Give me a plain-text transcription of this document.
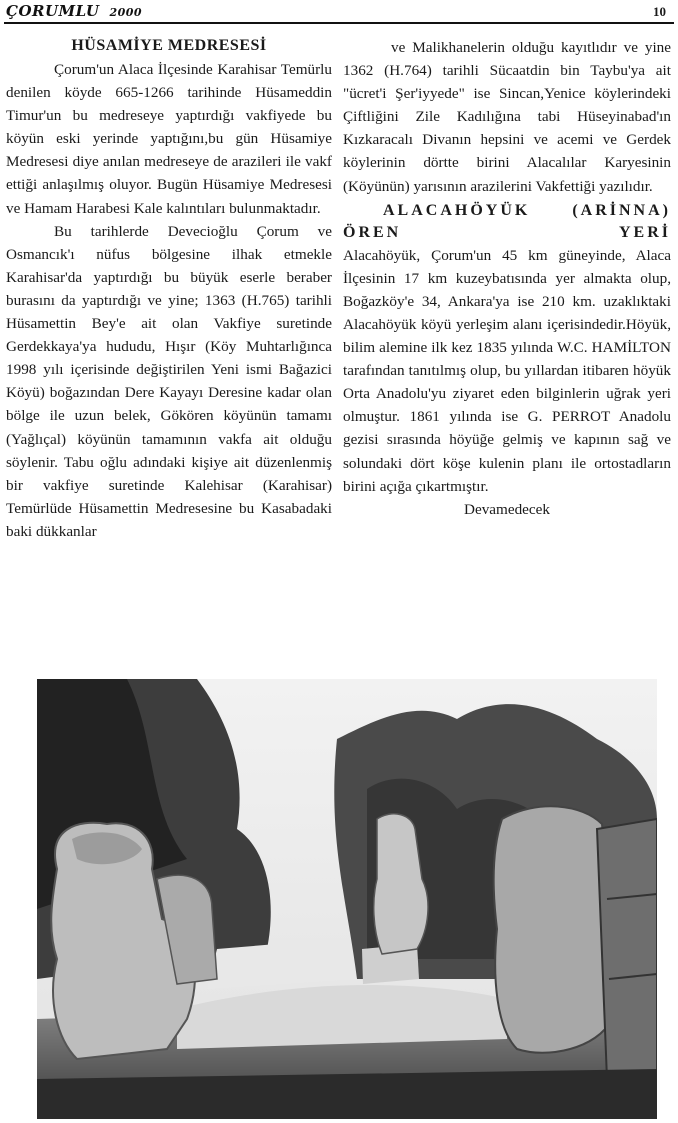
ÇORUMLU 2000	10
HÜSAMİYE MEDRESESİ

Çorum'un Alaca İlçesinde Karahisar Temürlu denilen köyde 665-1266 tarihinde Hüsameddin Timur'un bu medreseye yaptırdığı vakfiyede bu köyün eski yerinde yaptığını,bu gün Hüsamiye Medresesi diye anılan medreseye de arazileri ile vakf ettiği anlaşılmış oluyor. Bugün Hüsamiye Medresesi ve Hamam Harabesi Kale kalıntıları bulunmaktadır.

Bu tarihlerde Devecioğlu Çorum ve Osmancık'ı nüfus bölgesine ilhak etmekle Karahisar'da yaptırdığı bu büyük eserle beraber burasını da yaptırdığı ve yine; 1363 (H.765) tarihli Hüsamettin Bey'e ait olan Vakfiye suretinde Gerdekkaya'ya hududu, Hışır (Köy Muhtarlığınca 1998 yılı içerisinde değiştirilen Yeni ismi Bağazici Köyü) boğazından Dere Kayayı Deresine kadar olan bölge ile uzun belek, Gökören köyünün tamamı (Yağlıçal) köyünün tamamının vakfa ait olduğu söylenir. Tabu oğlu adındaki kişiye ait düzenlenmiş bir vakfiye suretinde Kalehisar (Karahisar) Temürlüde Hüsamettin Medresesine bu Kasabadaki baki dükkanlar

ve Malikhanelerin olduğu kayıtlıdır ve yine 1362 (H.764) tarihli Sücaatdin bin Taybu'ya ait "ücret'i Şer'iyyede" ise Sincan,Yenice köylerindeki Çiftliğini Zile Kadılığına tabi Hüseyinabad'ın Kızkaracalı Divanın hepsini ve acemi ve Gerdek köylerinin dörtte birini Alacalılar Karyesinin (Köyünün) yarısının arazilerini Vakfettiği yazılıdır.

ALACAHÖYÜK (ARİNNA)
ÖREN YERİ

Alacahöyük, Çorum'un 45 km güneyinde, Alaca İlçesinin 17 km kuzeybatısında yer almakta olup, Boğazköy'e 34, Ankara'ya ise 210 km. uzaklıktaki Alacahöyük köyü yerleşim alanı içerisindedir.Höyük, bilim alemine ilk kez 1835 yılında W.C. HAMİLTON tarafından tanıtılmış olup, bu yıllardan itibaren höyük Orta Anadolu'yu ziyaret eden bilginlerin uğrak yeri olmuştur. 1861 yılında ise G. PERROT Anadolu gezisi sırasında höyüğe gelmiş ve kapının sağ ve solundaki dört köşe kulenin planı ile ortostadların birini açığa çıkartmıştır.

Devamedecek
